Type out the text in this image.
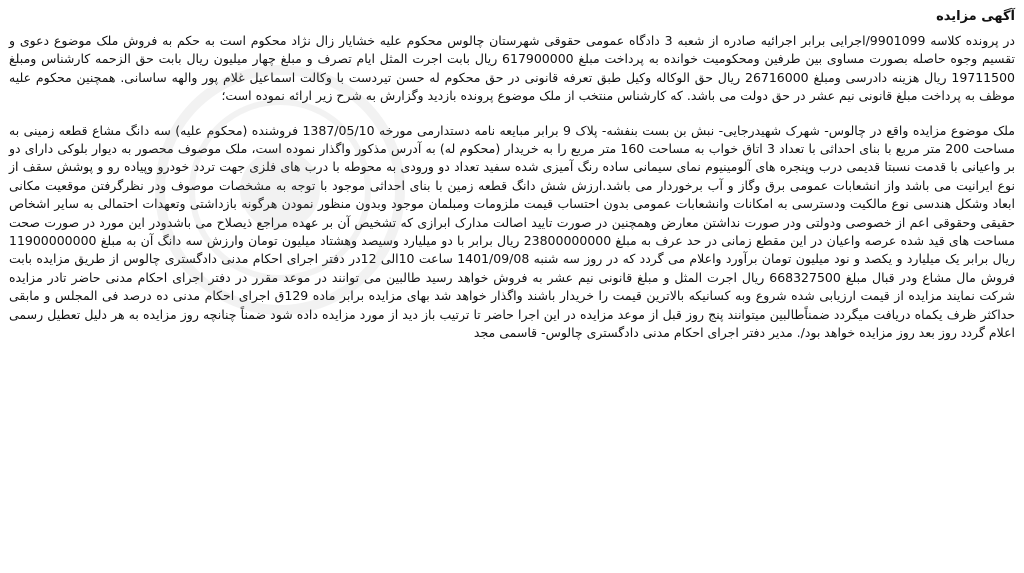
آگهی مزایده

در پرونده کلاسه 9901099/اجرایی برابر اجرائیه صادره از شعبه 3 دادگاه عمومی حقوقی شهرستان چالوس محکوم علیه خشایار زال نژاد محکوم است به حکم به فروش ملک موضوع دعوی و تقسیم وجوه حاصله بصورت مساوی بین طرفین ومحکومیت خوانده به پرداخت مبلغ 617900000 ریال بابت اجرت المثل ایام تصرف و مبلغ چهار میلیون ریال بابت حق الزحمه کارشناس ومبلغ 19711500 ریال هزینه دادرسی ومبلغ 26716000 ریال حق الوکاله وکیل طبق تعرفه قانونی در حق محکوم له حسن تیردست با وکالت اسماعیل غلام پور والهه ساسانی. همچنین محکوم علیه موظف به پرداخت مبلغ قانونی نیم عشر در حق دولت می باشد. که کارشناس منتخب از ملک موضوع پرونده بازدید وگزارش به شرح زیر ارائه نموده است؛

ملک موضوع مزایده واقع در چالوس- شهرک شهیدرجایی- نبش بن بست بنفشه- پلاک 9 برابر مبایعه نامه دستدارمی مورخه 1387/05/10 فروشنده (محکوم علیه) سه دانگ مشاع قطعه زمینی به مساحت 200 متر مربع با بنای احداثی با تعداد 3 اتاق خواب به مساحت 160 متر مربع را به خریدار (محکوم له) به آدرس مذکور واگذار نموده است، ملک موصوف محصور به دیوار بلوکی دارای دو بر واعیانی با قدمت نسبتا قدیمی درب وپنجره های آلومینیوم نمای سیمانی ساده رنگ آمیزی شده سفید تعداد دو ورودی به محوطه با درب های فلزی جهت تردد خودرو وپیاده رو و پوشش سقف از نوع ایرانیت می باشد واز انشعابات عمومی برق وگاز و آب برخوردار می باشد.ارزش شش دانگ قطعه زمین با بنای احداثی موجود با توجه به مشخصات موصوف ودر نظرگرفتن موقعیت مکانی ابعاد وشکل هندسی نوع مالکیت ودسترسی به امکانات وانشعابات عمومی بدون احتساب قیمت ملزومات ومبلمان موجود وبدون منظور نمودن هرگونه بازداشتی وتعهدات احتمالی به سایر اشخاص حقیقی وحقوقی اعم از خصوصی ودولتی ودر صورت نداشتن معارض وهمچنین در صورت تایید اصالت مدارک ابرازی که تشخیص آن بر عهده مراجع ذیصلاح می باشدودر این مورد در صورت صحت مساحت های قید شده عرصه واعیان در این مقطع زمانی در حد عرف به مبلغ 23800000000 ریال برابر با دو میلیارد وسیصد وهشتاد میلیون تومان وارزش سه دانگ آن به مبلغ 11900000000 ریال برابر یک میلیارد و یکصد و نود میلیون تومان برآورد واعلام می گردد که در روز سه شنبه 1401/09/08 ساعت 10الی 12در دفتر اجرای احکام مدنی دادگستری چالوس از طریق مزایده بابت فروش مال مشاع ودر قبال مبلغ 668327500 ریال اجرت المثل و مبلغ قانونی نیم عشر به فروش خواهد رسید طالبین می توانند در موعد مقرر در دفتر اجرای احکام مدنی حاضر تادر مزایده شرکت نمایند مزایده از قیمت ارزیابی شده شروع وبه کسانیکه بالاترین قیمت را خریدار باشند واگذار خواهد شد بهای مزایده برابر ماده 129ق اجرای احکام مدنی ده درصد فی المجلس و مابقی حداکثر ظرف یکماه دریافت میگردد ضمناًطالبین میتوانند پنج روز قبل از موعد مزایده در این اجرا حاضر تا ترتیب باز دید از مورد مزایده داده شود ضمناً چنانچه روز مزایده به هر دلیل تعطیل رسمی اعلام گردد روز بعد روز مزایده خواهد بود/. مدیر دفتر اجرای احکام مدنی دادگستری چالوس- قاسمی مجد
